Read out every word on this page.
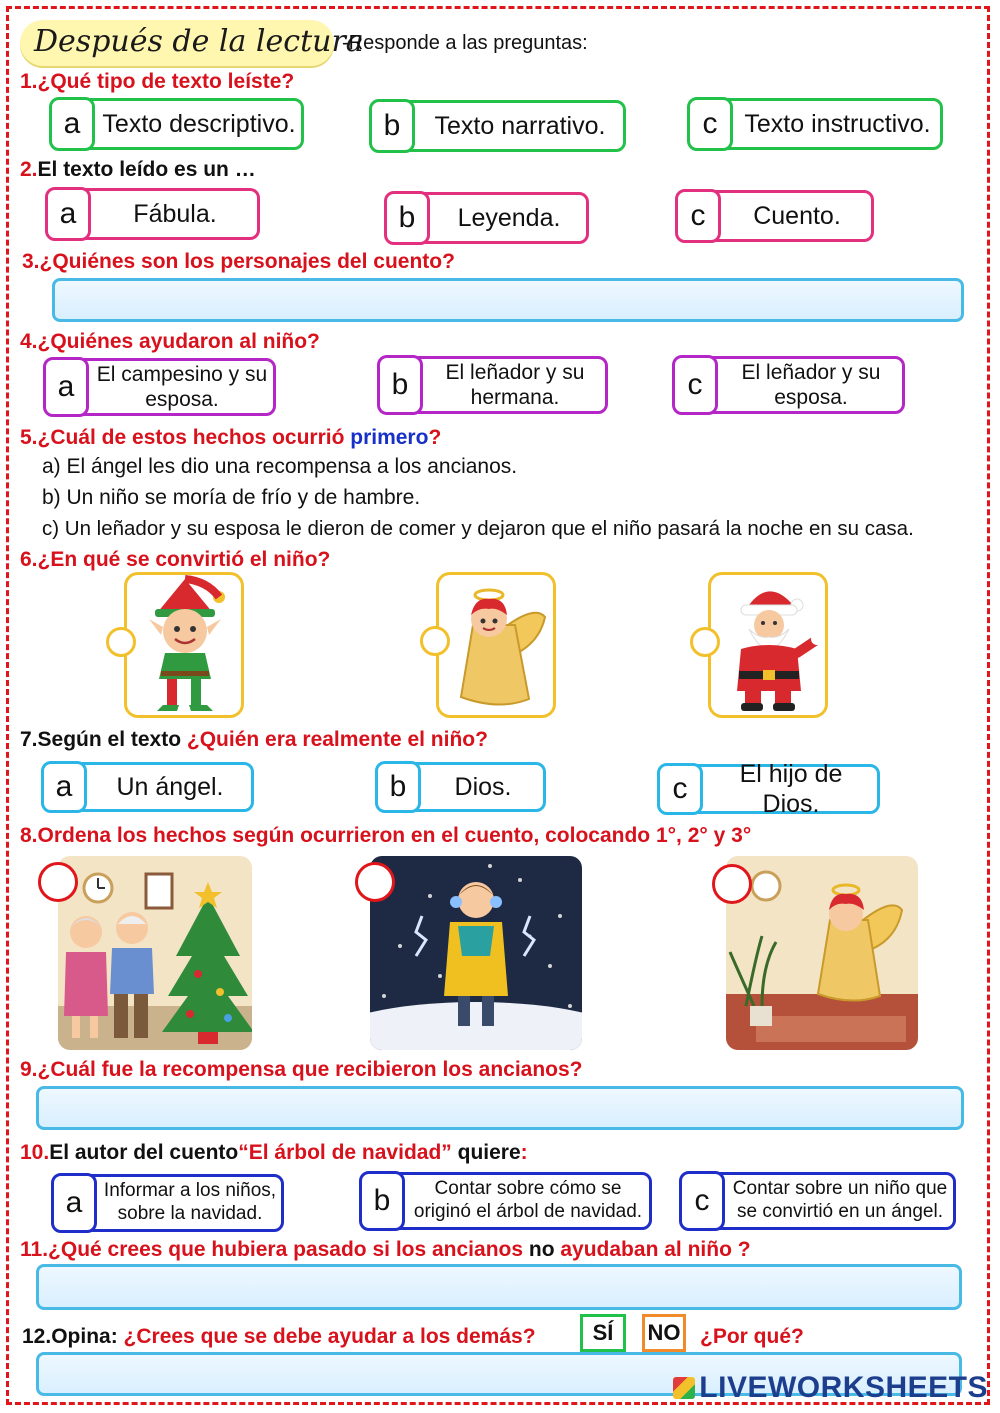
Después de la lectura
-Responde a las preguntas:
1.¿Qué tipo de texto leíste?
a Texto descriptivo.	b	Texto narrativo.	c	Texto instructivo.
2.El texto leído es un …
a	Fábula.	b	Leyenda.	c	Cuento.
3.¿Quiénes son los personajes del cuento?
4.¿Quiénes ayudaron al niño?
a	El campesino y su esposa.	b	El leñador y su hermana.	c	El leñador y su esposa.
5.¿Cuál de estos hechos ocurrió primero?
a) El ángel les dio una recompensa a los ancianos.
b) Un niño se moría de frío y de hambre.
c) Un leñador y su esposa le dieron de comer y dejaron que el niño pasará la noche en su casa.
6.¿En qué se convirtió el niño?
7.Según el texto ¿Quién era realmente el niño?
a	Un ángel.	b	Dios.	c	El hijo de Dios.
8.Ordena los hechos según ocurrieron en el cuento, colocando 1°, 2° y 3°
9.¿Cuál fue la recompensa que recibieron los ancianos?
10.El autor del cuento“El árbol de navidad” quiere:
a	Informar a los niños, sobre la navidad.	b	Contar sobre cómo se originó el árbol de navidad.	c	Contar sobre un niño que se convirtió en un ángel.
11.¿Qué crees que hubiera pasado si los ancianos no ayudaban al niño ?
12.Opina: ¿Crees que se debe ayudar a los demás?	SÍ	NO ¿Por qué?
LIVEWORKSHEETS
